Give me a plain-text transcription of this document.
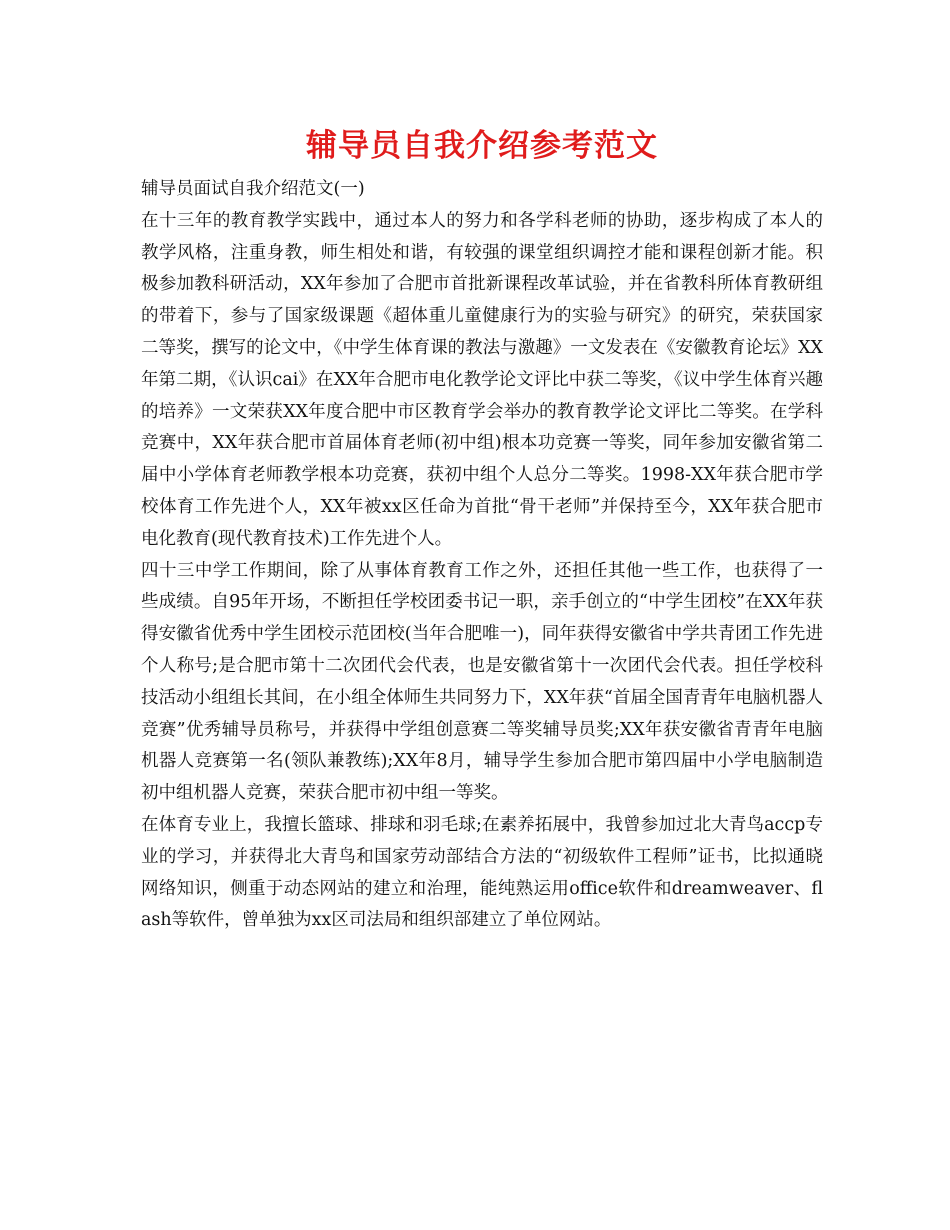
辅导员自我介绍参考范文

辅导员面试自我介绍范文(一)

在十三年的教育教学实践中，通过本人的努力和各学科老师的协助，逐步构成了本人的教学风格，注重身教，师生相处和谐，有较强的课堂组织调控才能和课程创新才能。积极参加教科研活动，XX年参加了合肥市首批新课程改革试验，并在省教科所体育教研组的带着下，参与了国家级课题《超体重儿童健康行为的实验与研究》的研究，荣获国家二等奖，撰写的论文中，《中学生体育课的教法与激趣》一文发表在《安徽教育论坛》XX年第二期，《认识cai》在XX年合肥市电化教学论文评比中获二等奖，《议中学生体育兴趣的培养》一文荣获XX年度合肥中市区教育学会举办的教育教学论文评比二等奖。在学科竞赛中，XX年获合肥市首届体育老师(初中组)根本功竞赛一等奖，同年参加安徽省第二届中小学体育老师教学根本功竞赛，获初中组个人总分二等奖。1998-XX年获合肥市学校体育工作先进个人，XX年被xx区任命为首批“骨干老师”并保持至今，XX年获合肥市电化教育(现代教育技术)工作先进个人。

四十三中学工作期间，除了从事体育教育工作之外，还担任其他一些工作，也获得了一些成绩。自95年开场，不断担任学校团委书记一职，亲手创立的“中学生团校”在XX年获得安徽省优秀中学生团校示范团校(当年合肥唯一)，同年获得安徽省中学共青团工作先进个人称号;是合肥市第十二次团代会代表，也是安徽省第十一次团代会代表。担任学校科技活动小组组长其间，在小组全体师生共同努力下，XX年获“首届全国青青年电脑机器人竞赛”优秀辅导员称号，并获得中学组创意赛二等奖辅导员奖;XX年获安徽省青青年电脑机器人竞赛第一名(领队兼教练);XX年8月，辅导学生参加合肥市第四届中小学电脑制造初中组机器人竞赛，荣获合肥市初中组一等奖。

在体育专业上，我擅长篮球、排球和羽毛球;在素养拓展中，我曾参加过北大青鸟accp专业的学习，并获得北大青鸟和国家劳动部结合方法的“初级软件工程师”证书，比拟通晓网络知识，侧重于动态网站的建立和治理，能纯熟运用office软件和dreamweaver、flash等软件，曾单独为xx区司法局和组织部建立了单位网站。
